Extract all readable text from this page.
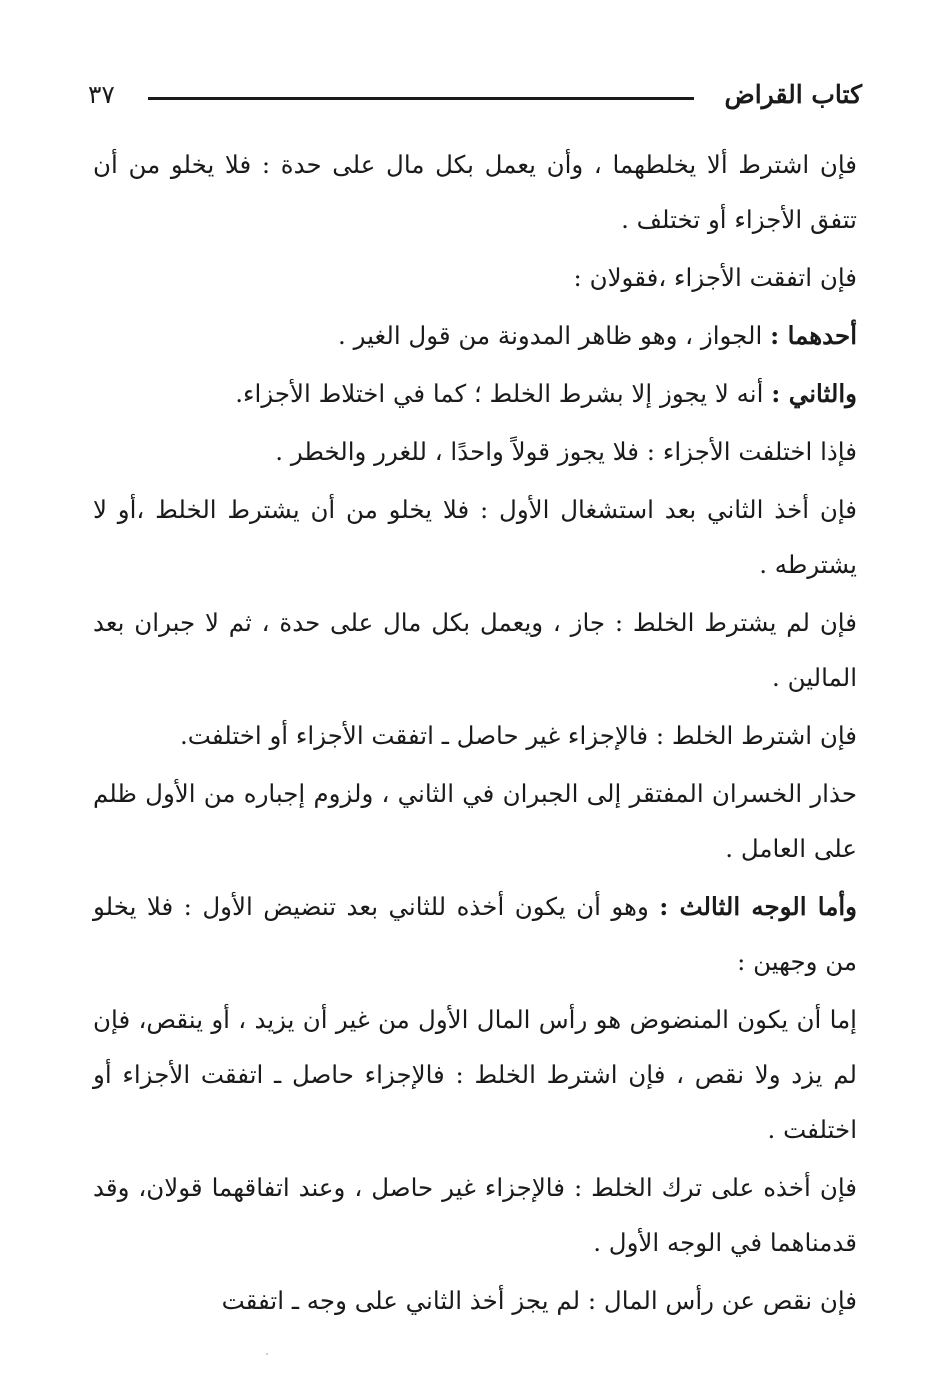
كتاب القراض
٣٧

فإن اشترط ألا يخلطهما ، وأن يعمل بكل مال على حدة : فلا يخلو من أن تتفق الأجزاء أو تختلف .

فإن اتفقت الأجزاء ،فقولان :

أحدهما : الجواز ، وهو ظاهر المدونة من قول الغير .

والثاني : أنه لا يجوز إلا بشرط الخلط ؛ كما في اختلاط الأجزاء.

فإذا اختلفت الأجزاء : فلا يجوز قولاً واحدًا ، للغرر والخطر .

فإن أخذ الثاني بعد استشغال الأول : فلا يخلو من أن يشترط الخلط ،أو لا يشترطه .

فإن لم يشترط الخلط : جاز ، ويعمل بكل مال على حدة ، ثم لا جبران بعد المالين .

فإن اشترط الخلط : فالإجزاء غير حاصل ـ اتفقت الأجزاء أو اختلفت.

حذار الخسران المفتقر إلى الجبران في الثاني ، ولزوم إجباره من الأول ظلم على العامل .

وأما الوجه الثالث : وهو أن يكون أخذه للثاني بعد تنضيض الأول : فلا يخلو من وجهين :

إما أن يكون المنضوض هو رأس المال الأول من غير أن يزيد ، أو ينقص، فإن لم يزد ولا نقص ، فإن اشترط الخلط : فالإجزاء حاصل ـ اتفقت الأجزاء أو اختلفت .

فإن أخذه على ترك الخلط : فالإجزاء غير حاصل ، وعند اتفاقهما قولان، وقد قدمناهما في الوجه الأول .

فإن نقص عن رأس المال : لم يجز أخذ الثاني على وجه ـ اتفقت
